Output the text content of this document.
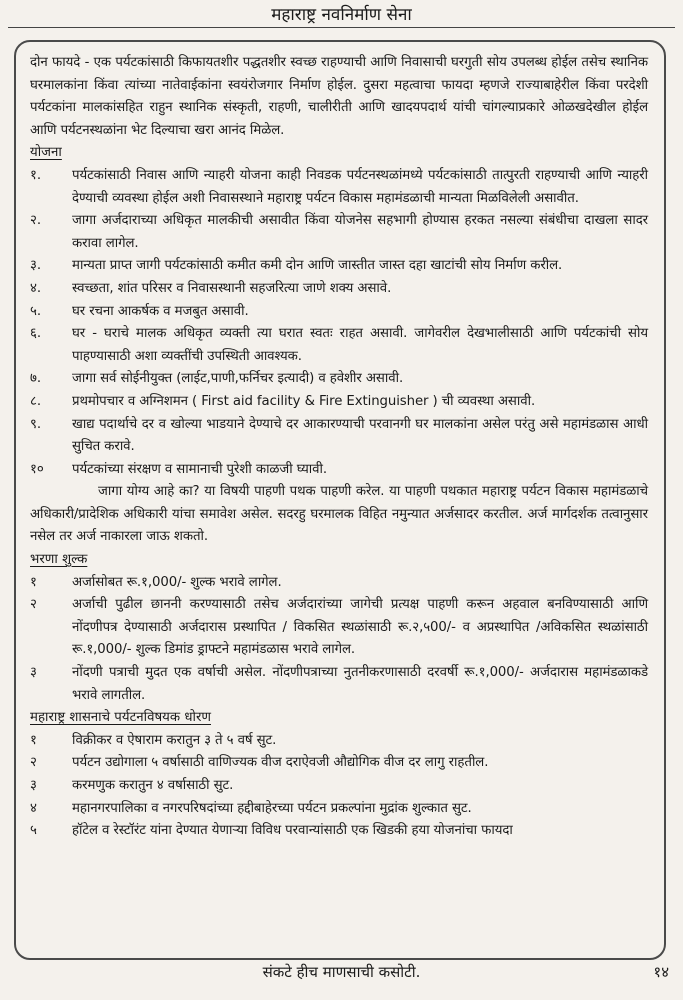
महाराष्ट्र नवनिर्माण सेना

दोन फायदे - एक पर्यटकांसाठी किफायतशीर पद्धतशीर स्वच्छ राहण्याची आणि निवासाची घरगुती सोय उपलब्ध होईल तसेच स्थानिक घरमालकांना किंवा त्यांच्या नातेवाईकांना स्वयंरोजगार निर्माण होईल. दुसरा महत्वाचा फायदा म्हणजे राज्याबाहेरील किंवा परदेशी पर्यटकांना मालकांसहित राहुन स्थानिक संस्कृती, राहणी, चालीरीती आणि खादयपदार्थ यांची चांगल्याप्रकारे ओळखदेखील होईल आणि पर्यटनस्थळांना भेट दिल्याचा खरा आनंद मिळेल.

योजना

१.	पर्यटकांसाठी निवास आणि न्याहरी योजना काही निवडक पर्यटनस्थळांमध्ये पर्यटकांसाठी तात्पुरती राहण्याची आणि न्याहरी देण्याची व्यवस्था होईल अशी निवासस्थाने महाराष्ट्र पर्यटन विकास महामंडळाची मान्यता मिळविलेली असावीत.
२.	जागा अर्जदाराच्या अधिकृत मालकीची असावीत किंवा योजनेस सहभागी होण्यास हरकत नसल्या संबंधीचा दाखला सादर करावा लागेल.
३.	मान्यता प्राप्त जागी पर्यटकांसाठी कमीत कमी दोन आणि जास्तीत जास्त दहा खाटांची सोय निर्माण करील.
४.	स्वच्छता, शांत परिसर व निवासस्थानी सहजरित्या जाणे शक्य असावे.
५.	घर रचना आकर्षक व मजबुत असावी.
६.	घर - घराचे मालक अधिकृत व्यक्ती त्या घरात स्वतः राहत असावी. जागेवरील देखभालीसाठी आणि पर्यटकांची सोय पाहण्यासाठी अशा व्यक्तींची उपस्थिती आवश्यक.
७.	जागा सर्व सोईनीयुक्त (लाईट,पाणी,फर्निचर इत्यादी) व हवेशीर असावी.
८.	प्रथमोपचार व अग्निशमन ( First aid facility & Fire Extinguisher ) ची व्यवस्था असावी.
९.	खाद्य पदार्थाचे दर व खोल्या भाडयाने देण्याचे दर आकारण्याची परवानगी घर मालकांना असेल परंतु असे महामंडळास आधी सुचित करावे.
१०	पर्यटकांच्या संरक्षण व सामानाची पुरेशी काळजी घ्यावी.

जागा योग्य आहे का? या विषयी पाहणी पथक पाहणी करेल. या पाहणी पथकात महाराष्ट्र पर्यटन विकास महामंडळाचे अधिकारी/प्रादेशिक अधिकारी यांचा समावेश असेल. सदरहु घरमालक विहित नमुन्यात अर्जसादर करतील. अर्ज मार्गदर्शक तत्वानुसार नसेल तर अर्ज नाकारला जाऊ शकतो.

भरणा शुल्क

१	अर्जासोबत रू.१,000/- शुल्क भरावे लागेल.
२	अर्जाची पुढील छाननी करण्यासाठी तसेच अर्जदारांच्या जागेची प्रत्यक्ष पाहणी करून अहवाल बनविण्यासाठी आणि नोंदणीपत्र देण्यासाठी अर्जदारास प्रस्थापित / विकसित स्थळांसाठी रू.२,५00/- व अप्रस्थापित /अविकसित स्थळांसाठी रू.१,000/- शुल्क डिमांड ड्राफ्टने महामंडळास भरावे लागेल.
३	नोंदणी पत्राची मुदत एक वर्षाची असेल. नोंदणीपत्राच्या नुतनीकरणासाठी दरवर्षी रू.१,000/- अर्जदारास महामंडळाकडे भरावे लागतील.

महाराष्ट्र शासनाचे पर्यटनविषयक धोरण

१	विक्रीकर व ऐषाराम करातुन ३ ते ५ वर्ष सुट.
२	पर्यटन उद्योगाला ५ वर्षासाठी वाणिज्यक वीज दराऐवजी औद्योगिक वीज दर लागु राहतील.
३	करमणुक करातुन ४ वर्षासाठी सुट.
४	महानगरपालिका व नगरपरिषदांच्या हद्दीबाहेरच्या पर्यटन प्रकल्पांना मुद्रांक शुल्कात सुट.
५	हॉटेल व रेस्टॉरंट यांना देण्यात येणाऱ्या विविध परवान्यांसाठी एक खिडकी हया योजनांचा फायदा
संकटे हीच माणसाची कसोटी.	१४
